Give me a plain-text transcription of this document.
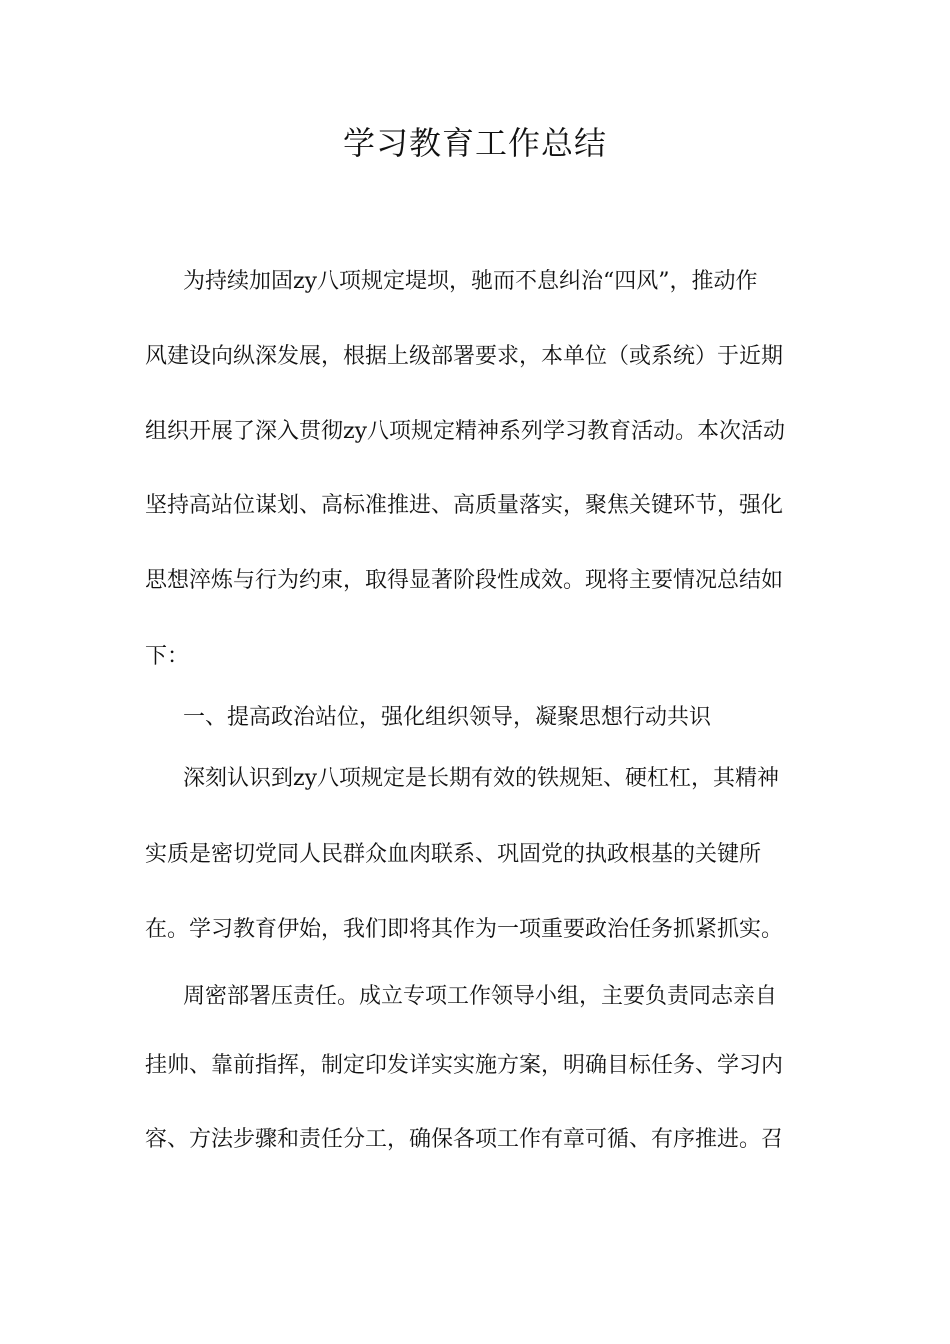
学习教育工作总结
为持续加固zy八项规定堤坝，驰而不息纠治“四风”，推动作
风建设向纵深发展，根据上级部署要求，本单位（或系统）于近期
组织开展了深入贯彻zy八项规定精神系列学习教育活动。本次活动
坚持高站位谋划、高标准推进、高质量落实，聚焦关键环节，强化
思想淬炼与行为约束，取得显著阶段性成效。现将主要情况总结如
下：
一、提高政治站位，强化组织领导，凝聚思想行动共识
深刻认识到zy八项规定是长期有效的铁规矩、硬杠杠，其精神
实质是密切党同人民群众血肉联系、巩固党的执政根基的关键所
在。学习教育伊始，我们即将其作为一项重要政治任务抓紧抓实。
周密部署压责任。成立专项工作领导小组，主要负责同志亲自
挂帅、靠前指挥，制定印发详实实施方案，明确目标任务、学习内
容、方法步骤和责任分工，确保各项工作有章可循、有序推进。召
